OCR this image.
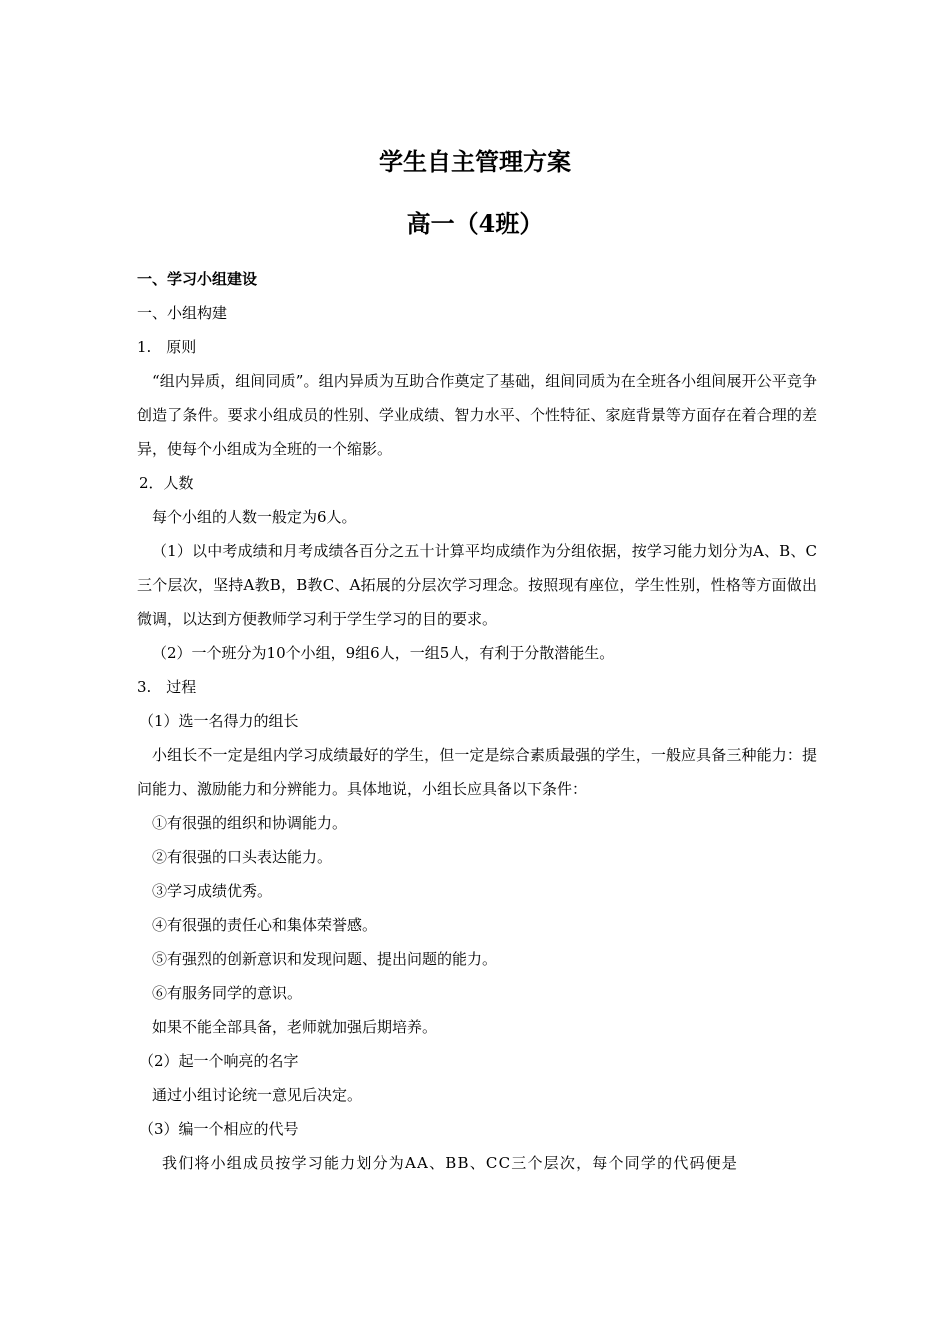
学生自主管理方案
高一（4班）
一、学习小组建设
一、小组构建
1.　原则
“组内异质，组间同质”。组内异质为互助合作奠定了基础，组间同质为在全班各小组间展开公平竞争创造了条件。要求小组成员的性别、学业成绩、智力水平、个性特征、家庭背景等方面存在着合理的差异，使每个小组成为全班的一个缩影。
2．人数
每个小组的人数一般定为6人。
（1）以中考成绩和月考成绩各百分之五十计算平均成绩作为分组依据，按学习能力划分为A、B、C三个层次，坚持A教B，B教C、A拓展的分层次学习理念。按照现有座位，学生性别，性格等方面做出微调，以达到方便教师学习利于学生学习的目的要求。
（2）一个班分为10个小组，9组6人，一组5人，有利于分散潜能生。
3.　过程
（1）选一名得力的组长
小组长不一定是组内学习成绩最好的学生，但一定是综合素质最强的学生，一般应具备三种能力：提问能力、激励能力和分辨能力。具体地说，小组长应具备以下条件：
①有很强的组织和协调能力。
②有很强的口头表达能力。
③学习成绩优秀。
④有很强的责任心和集体荣誉感。
⑤有强烈的创新意识和发现问题、提出问题的能力。
⑥有服务同学的意识。
如果不能全部具备，老师就加强后期培养。
（2）起一个响亮的名字
通过小组讨论统一意见后决定。
（3）编一个相应的代号
我们将小组成员按学习能力划分为AA、BB、CC三个层次，每个同学的代码便是
